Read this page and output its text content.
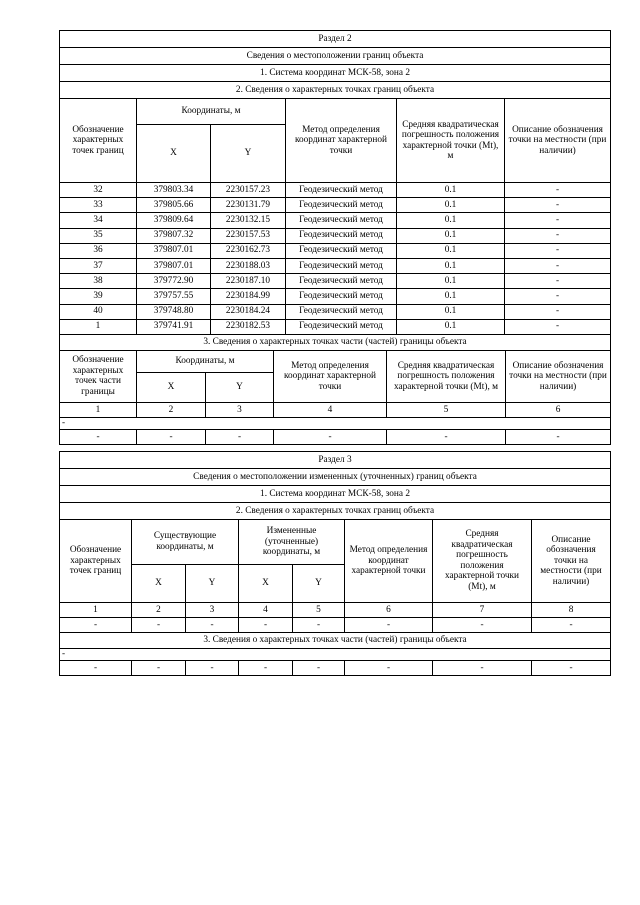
Раздел 2					
Сведения о местоположении границ объекта					
1. Система координат МСК-58, зона 2					
2. Сведения о характерных точках границ объекта					
Обозначение характерных точек границ	Координаты, м		Метод определения координат характерной точки	Средняя квадратическая погрешность положения характерной точки (Mt), м	Описание обозначения точки на местности (при наличии)
	X	Y			
32	379803.34	2230157.23	Геодезический метод	0.1	-
33	379805.66	2230131.79	Геодезический метод	0.1	-
34	379809.64	2230132.15	Геодезический метод	0.1	-
35	379807.32	2230157.53	Геодезический метод	0.1	-
36	379807.01	2230162.73	Геодезический метод	0.1	-
37	379807.01	2230188.03	Геодезический метод	0.1	-
38	379772.90	2230187.10	Геодезический метод	0.1	-
39	379757.55	2230184.99	Геодезический метод	0.1	-
40	379748.80	2230184.24	Геодезический метод	0.1	-
1	379741.91	2230182.53	Геодезический метод	0.1	-
3. Сведения о характерных точках части (частей) границы объекта					
Обозначение характерных точек части границы	Координаты, м		Метод определения координат характерной точки	Средняя квадратическая погрешность положения характерной точки (Mt), м	Описание обозначения точки на местности (при наличии)
	X	Y			
1	2	3	4	5	6
-					
-	-	-	-	-	-
Раздел 3							
Сведения о местоположении измененных (уточненных) границ объекта							
1. Система координат МСК-58, зона 2							
2. Сведения о характерных точках границ объекта							
Обозначение характерных точек границ	Существующие координаты, м		Измененные (уточненные) координаты, м		Метод определения координат характерной точки	Средняя квадратическая погрешность положения характерной точки (Mt), м	Описание обозначения точки на местности (при наличии)
	X	Y	X	Y			
1	2	3	4	5	6	7	8
-	-	-	-	-	-	-	-
3. Сведения о характерных точках части (частей) границы объекта							
-							
-	-	-	-	-	-	-	-
